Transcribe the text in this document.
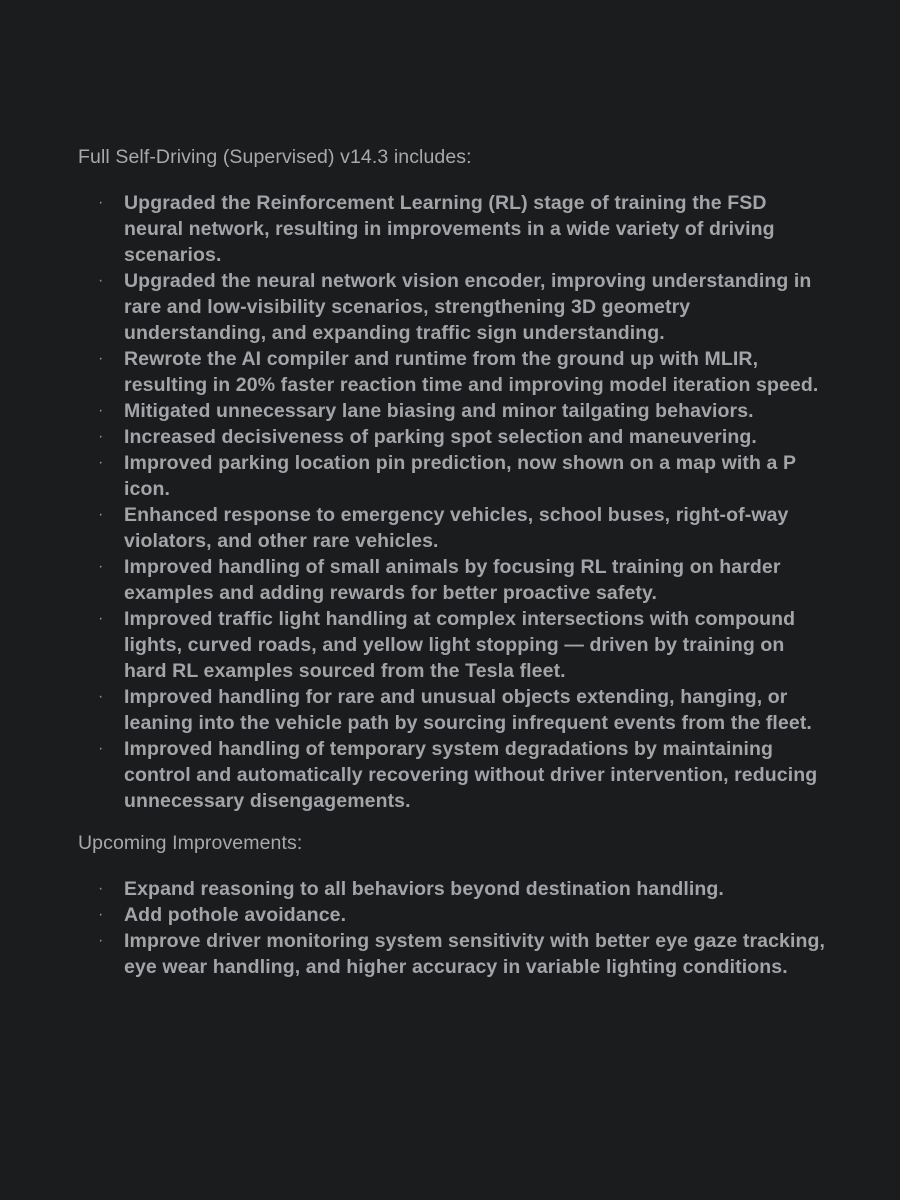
Full Self-Driving (Supervised) v14.3 includes:

· Upgraded the Reinforcement Learning (RL) stage of training the FSD neural network, resulting in improvements in a wide variety of driving scenarios.
· Upgraded the neural network vision encoder, improving understanding in rare and low-visibility scenarios, strengthening 3D geometry understanding, and expanding traffic sign understanding.
· Rewrote the AI compiler and runtime from the ground up with MLIR, resulting in 20% faster reaction time and improving model iteration speed.
· Mitigated unnecessary lane biasing and minor tailgating behaviors.
· Increased decisiveness of parking spot selection and maneuvering.
· Improved parking location pin prediction, now shown on a map with a P icon.
· Enhanced response to emergency vehicles, school buses, right-of-way violators, and other rare vehicles.
· Improved handling of small animals by focusing RL training on harder examples and adding rewards for better proactive safety.
· Improved traffic light handling at complex intersections with compound lights, curved roads, and yellow light stopping — driven by training on hard RL examples sourced from the Tesla fleet.
· Improved handling for rare and unusual objects extending, hanging, or leaning into the vehicle path by sourcing infrequent events from the fleet.
· Improved handling of temporary system degradations by maintaining control and automatically recovering without driver intervention, reducing unnecessary disengagements.

Upcoming Improvements:

· Expand reasoning to all behaviors beyond destination handling.
· Add pothole avoidance.
· Improve driver monitoring system sensitivity with better eye gaze tracking, eye wear handling, and higher accuracy in variable lighting conditions.
